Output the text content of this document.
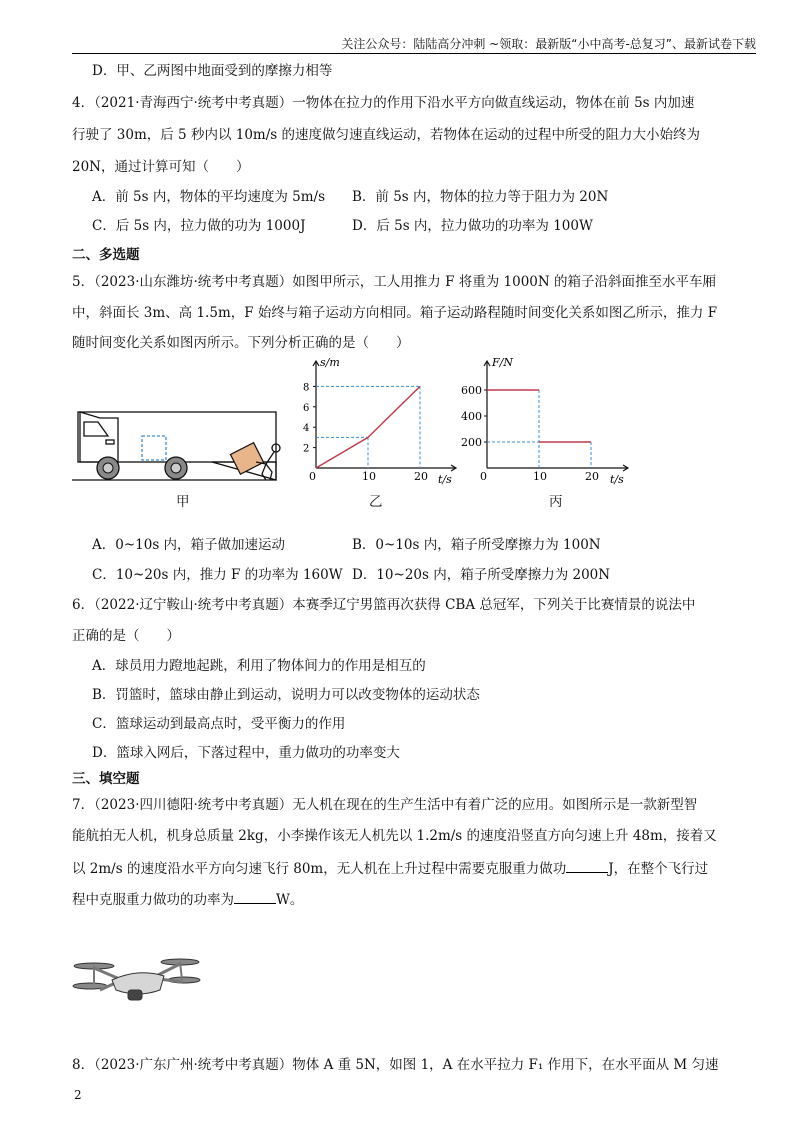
关注公众号：陆陆高分冲刺 ~领取：最新版“小中高考-总复习”、最新试卷下载
D．甲、乙两图中地面受到的摩擦力相等
4．（2021·青海西宁·统考中考真题）一物体在拉力的作用下沿水平方向做直线运动，物体在前 5s 内加速
行驶了 30m，后 5 秒内以 10m/s 的速度做匀速直线运动，若物体在运动的过程中所受的阻力大小始终为
20N，通过计算可知（　　）
A．前 5s 内，物体的平均速度为 5m/s B．前 5s 内，物体的拉力等于阻力为 20N
C．后 5s 内，拉力做的功为 1000J	D．后 5s 内，拉力做功的功率为 100W
二、多选题
5．（2023·山东潍坊·统考中考真题）如图甲所示，工人用推力 F 将重为 1000N 的箱子沿斜面推至水平车厢
中，斜面长 3m、高 1.5m，F 始终与箱子运动方向相同。箱子运动路程随时间变化关系如图乙所示，推力 F
随时间变化关系如图丙所示。下列分析正确的是（　　）
s/m
t/s
0	10	20
2
4
6
8
F/N
t/s
0	10	20
200
400
600
甲	乙	丙
A．0~10s 内，箱子做加速运动	B．0~10s 内，箱子所受摩擦力为 100N
C．10~20s 内，推力 F 的功率为 160W D．10~20s 内，箱子所受摩擦力为 200N
6．（2022·辽宁鞍山·统考中考真题）本赛季辽宁男篮再次获得 CBA 总冠军，下列关于比赛情景的说法中
正确的是（　　）
A．球员用力蹬地起跳，利用了物体间力的作用是相互的
B．罚篮时，篮球由静止到运动，说明力可以改变物体的运动状态
C．篮球运动到最高点时，受平衡力的作用
D．篮球入网后，下落过程中，重力做功的功率变大
三、填空题
7．（2023·四川德阳·统考中考真题）无人机在现在的生产生活中有着广泛的应用。如图所示是一款新型智
能航拍无人机，机身总质量 2kg，小李操作该无人机先以 1.2m/s 的速度沿竖直方向匀速上升 48m，接着又
以 2m/s 的速度沿水平方向匀速飞行 80m，无人机在上升过程中需要克服重力做功	J，在整个飞行过
程中克服重力做功的功率为	W。
8．（2023·广东广州·统考中考真题）物体 A 重 5N，如图 1，A 在水平拉力 F₁ 作用下，在水平面从 M 匀速
2
